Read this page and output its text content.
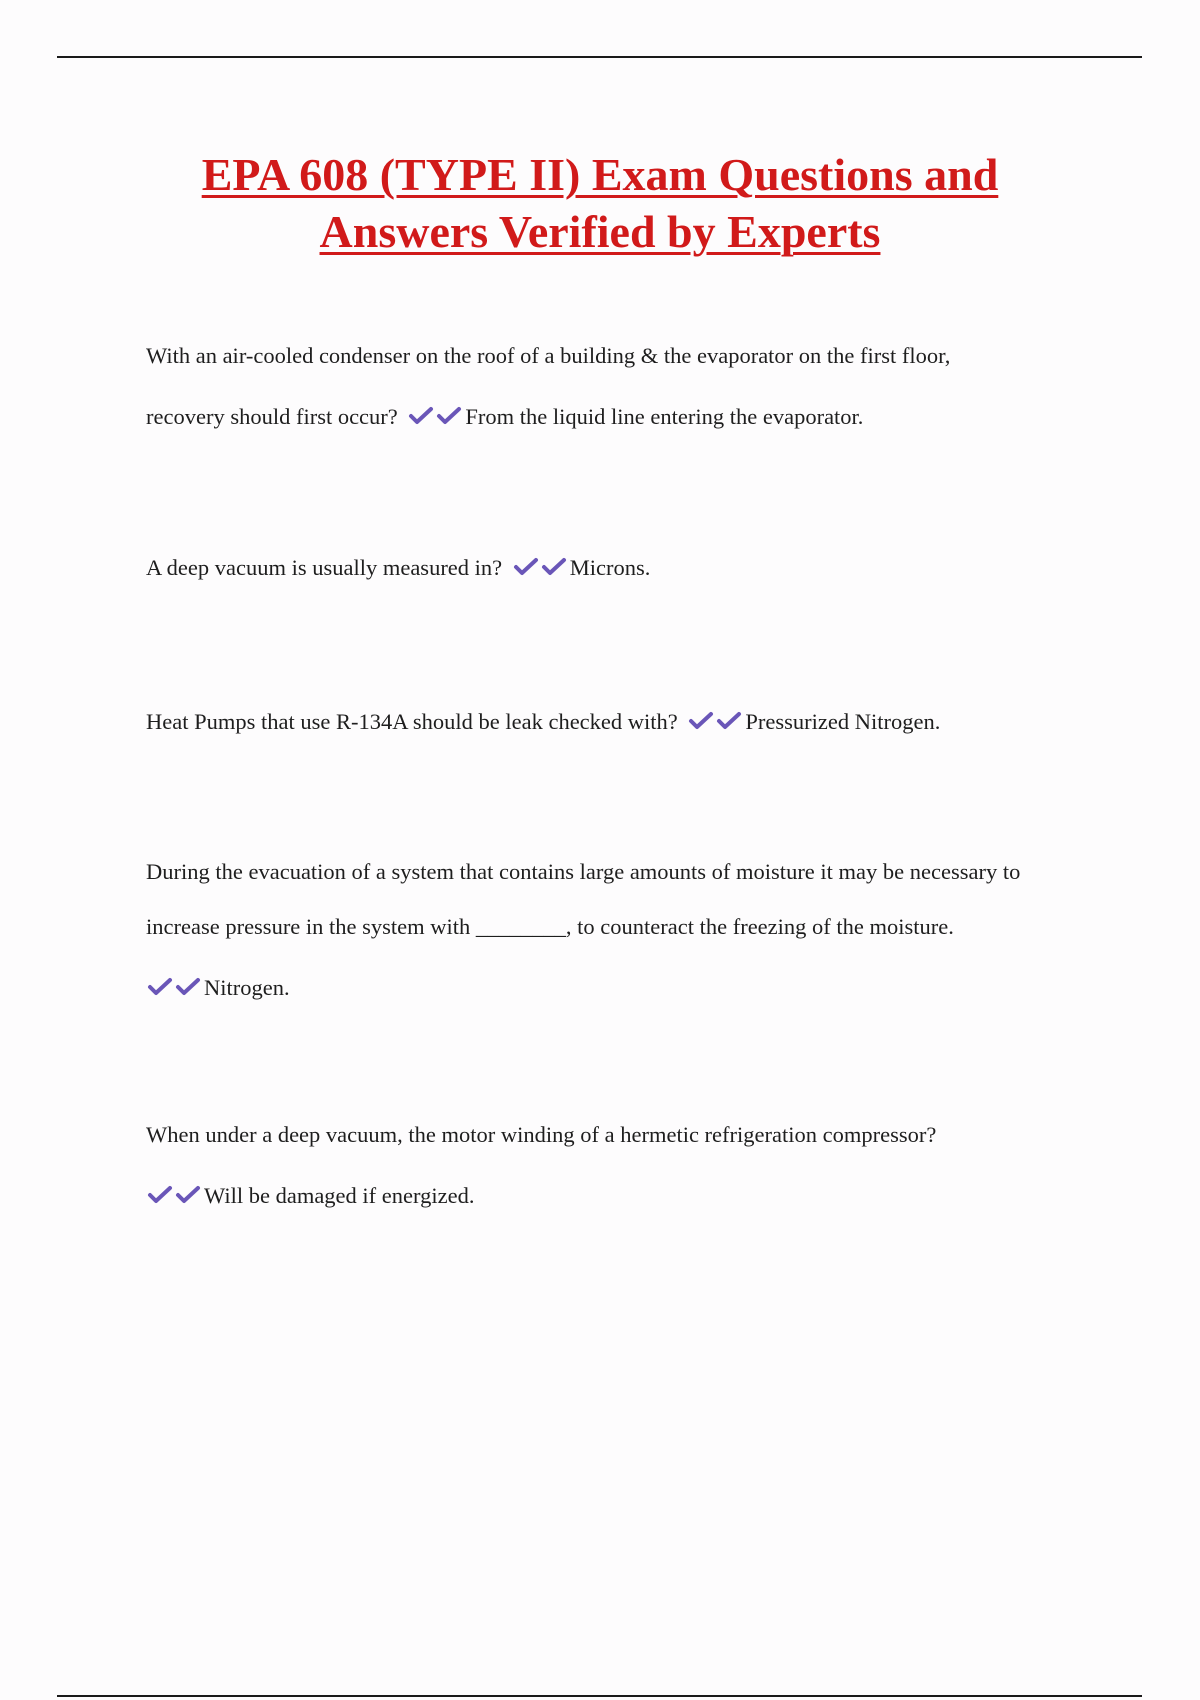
EPA 608 (TYPE II) Exam Questions and
Answers Verified by Experts

With an air-cooled condenser on the roof of a building & the evaporator on the first floor,

recovery should first occur?	From the liquid line entering the evaporator.

A deep vacuum is usually measured in?	Microns.

Heat Pumps that use R-134A should be leak checked with?	Pressurized Nitrogen.

During the evacuation of a system that contains large amounts of moisture it may be necessary to

increase pressure in the system with ________, to counteract the freezing of the moisture.

Nitrogen.

When under a deep vacuum, the motor winding of a hermetic refrigeration compressor?

Will be damaged if energized.
